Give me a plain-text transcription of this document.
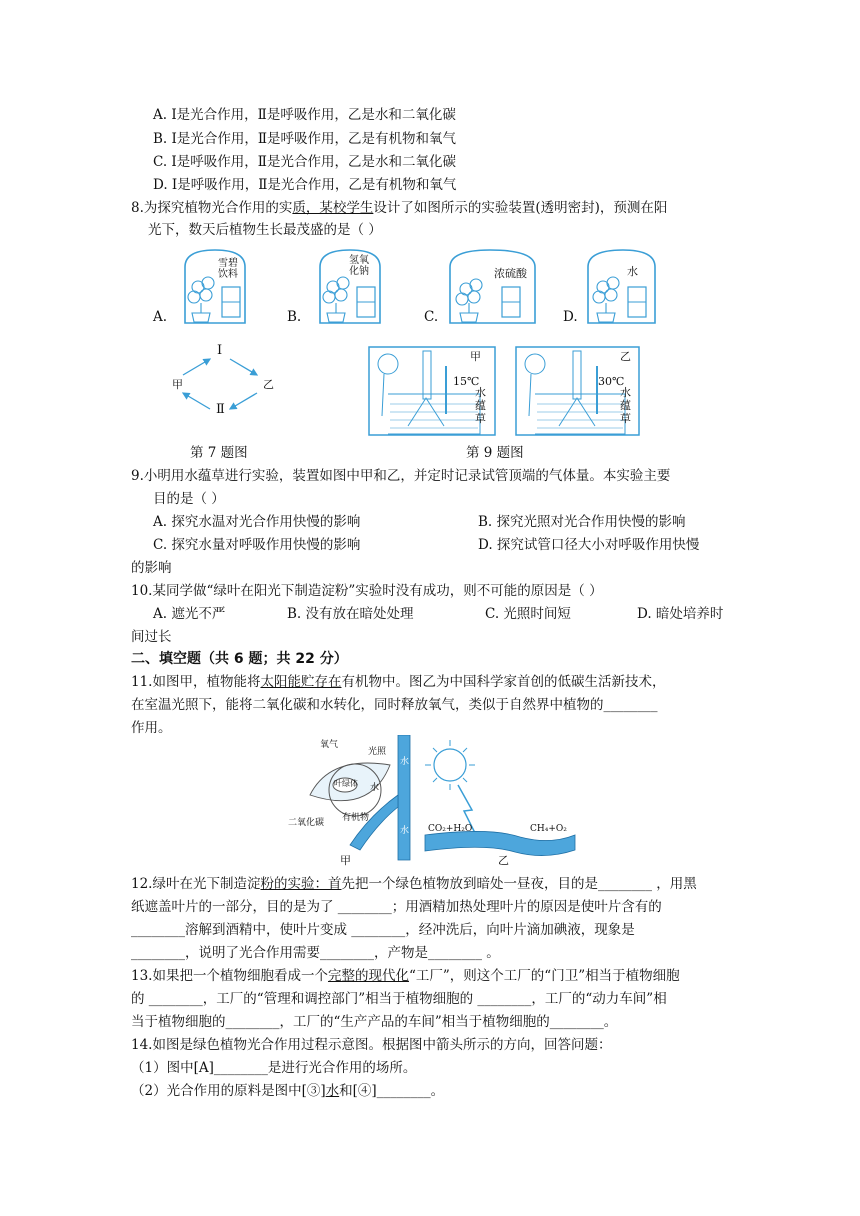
A. Ⅰ是光合作用，Ⅱ是呼吸作用，乙是水和二氧化碳
B. Ⅰ是光合作用，Ⅱ是呼吸作用，乙是有机物和氧气
C. Ⅰ是呼吸作用，Ⅱ是光合作用，乙是水和二氧化碳
D. Ⅰ是呼吸作用，Ⅱ是光合作用，乙是有机物和氧气
8.为探究植物光合作用的实质，某校学生设计了如图所示的实验装置(透明密封)，预测在阳
光下，数天后植物生长最茂盛的是（ ）
雪碧
饮料
氢氧
化钠	浓硫酸	水
A.	B.	C.	D.
Ⅰ
Ⅱ
甲	乙
第 7 题图
甲
15℃
水
蕴
草
乙
30℃
水
蕴
草
第 9 题图
9.小明用水蕴草进行实验，装置如图中甲和乙，并定时记录试管顶端的气体量。本实验主要
目的是（ ）
A. 探究水温对光合作用快慢的影响	B. 探究光照对光合作用快慢的影响
C. 探究水量对呼吸作用快慢的影响	D. 探究试管口径大小对呼吸作用快慢
的影响
10.某同学做“绿叶在阳光下制造淀粉”实验时没有成功，则不可能的原因是（ ）
A. 遮光不严	B. 没有放在暗处处理	C. 光照时间短	D. 暗处培养时
间过长
二、填空题（共 6 题；共 22 分）
11.如图甲，植物能将太阳能贮存在有机物中。图乙为中国科学家首创的低碳生活新技术，
在室温光照下，能将二氧化碳和水转化，同时释放氧气，类似于自然界中植物的________
作用。
氧气
光照
叶绿体 水
二氧化碳 有机物
水
水
甲
CO₂+H₂O	CH₄+O₂
乙
12.绿叶在光下制造淀粉的实验：首先把一个绿色植物放到暗处一昼夜，目的是________ ，用黑
纸遮盖叶片的一部分，目的是为了 ________；用酒精加热处理叶片的原因是使叶片含有的
________溶解到酒精中，使叶片变成 ________，经冲洗后，向叶片滴加碘液，现象是
________，说明了光合作用需要________，产物是________ 。
13.如果把一个植物细胞看成一个完整的现代化“工厂”，则这个工厂的“门卫”相当于植物细胞
的 ________，工厂的“管理和调控部门”相当于植物细胞的 ________，工厂的“动力车间”相
当于植物细胞的________，工厂的“生产产品的车间”相当于植物细胞的________。
14.如图是绿色植物光合作用过程示意图。根据图中箭头所示的方向，回答问题：
（1）图中[A]________是进行光合作用的场所。
（2）光合作用的原料是图中[③]水和[④]________。
